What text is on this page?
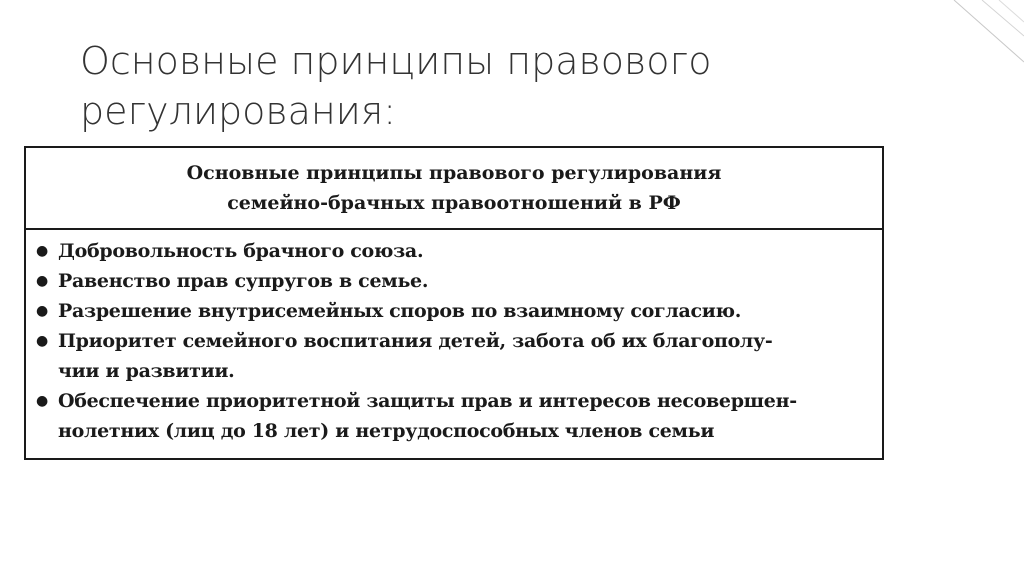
Основные принципы правового
регулирования:
Основные принципы правового регулирования
семейно-брачных правоотношений в РФ
● Добровольность брачного союза.
● Равенство прав супругов в семье.
● Разрешение внутрисемейных споров по взаимному согласию.
● Приоритет семейного воспитания детей, забота об их благополу-
чии и развитии.
● Обеспечение приоритетной защиты прав и интересов несовершен-
нолетних (лиц до 18 лет) и нетрудоспособных членов семьи
